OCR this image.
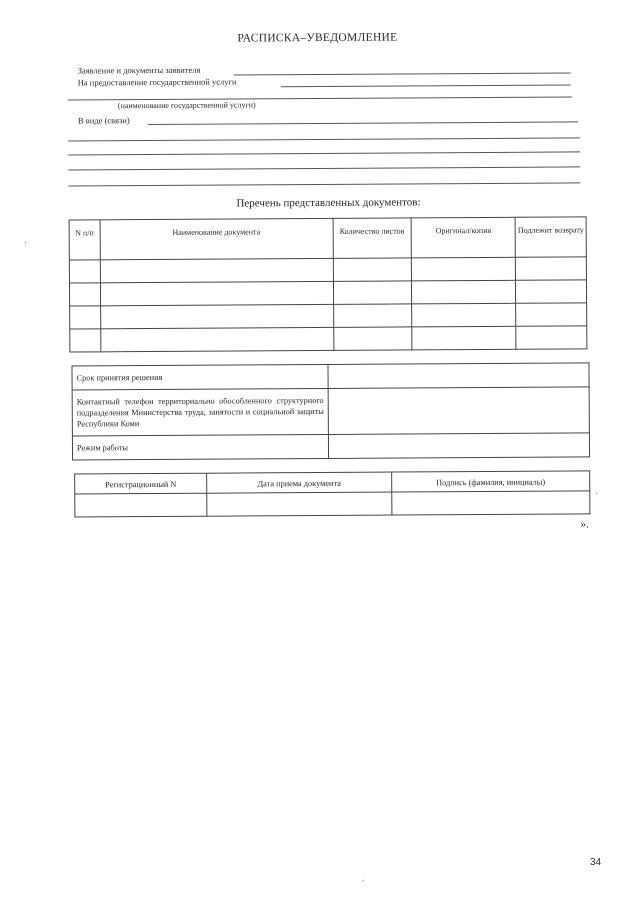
РАСПИСКА–УВЕДОМЛЕНИЕ
Заявление и документы заявителя
На предоставление государственной услуги
(наименование государственной услуги)
В виде (связи)
Перечень представленных документов:
N п/п	Наименование документа	Количество листов	Оригинал/копия	Подлежит возврату

Срок принятия решения	
Контактный телефон территориально обособленного структурного подразделения Министерства труда, занятости и социальной защиты Республики Коми	
Режим работы	
Регистрационный N	Дата приема документа	Подпись (фамилия, инициалы)

».
34
